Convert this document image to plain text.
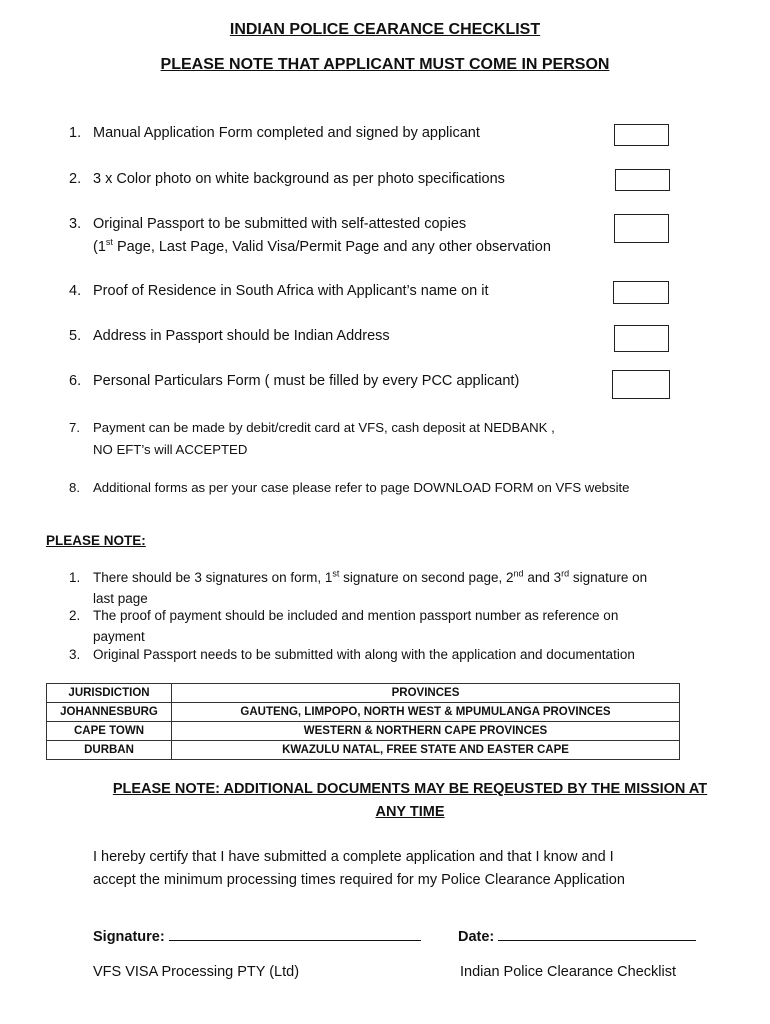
INDIAN POLICE CEARANCE CHECKLIST
PLEASE NOTE THAT APPLICANT MUST COME IN PERSON
1. Manual Application Form completed and signed by applicant
2. 3 x Color photo on white background as per photo specifications
3. Original Passport to be submitted with self-attested copies
(1st Page, Last Page, Valid Visa/Permit Page and any other observation
4. Proof of Residence in South Africa with Applicant’s name on it
5. Address in Passport should be Indian Address
6. Personal Particulars Form ( must be filled by every PCC applicant)
7. Payment can be made by debit/credit card at VFS, cash deposit at NEDBANK ,
NO EFT’s will ACCEPTED
8. Additional forms as per your case please refer to page DOWNLOAD FORM on VFS website
PLEASE NOTE:
1. There should be 3 signatures on form, 1st signature on second page, 2nd and 3rd signature on
last page
2. The proof of payment should be included and mention passport number as reference on
payment
3. Original Passport needs to be submitted with along with the application and documentation
JURISDICTION	PROVINCES
JOHANNESBURG	GAUTENG, LIMPOPO, NORTH WEST & MPUMULANGA PROVINCES
CAPE TOWN	WESTERN & NORTHERN CAPE PROVINCES
DURBAN	KWAZULU NATAL, FREE STATE AND EASTER CAPE
PLEASE NOTE: ADDITIONAL DOCUMENTS MAY BE REQEUSTED BY THE MISSION AT
ANY TIME
I hereby certify that I have submitted a complete application and that I know and I
accept the minimum processing times required for my Police Clearance Application
Signature:	Date:
VFS VISA Processing PTY (Ltd)	Indian Police Clearance Checklist
